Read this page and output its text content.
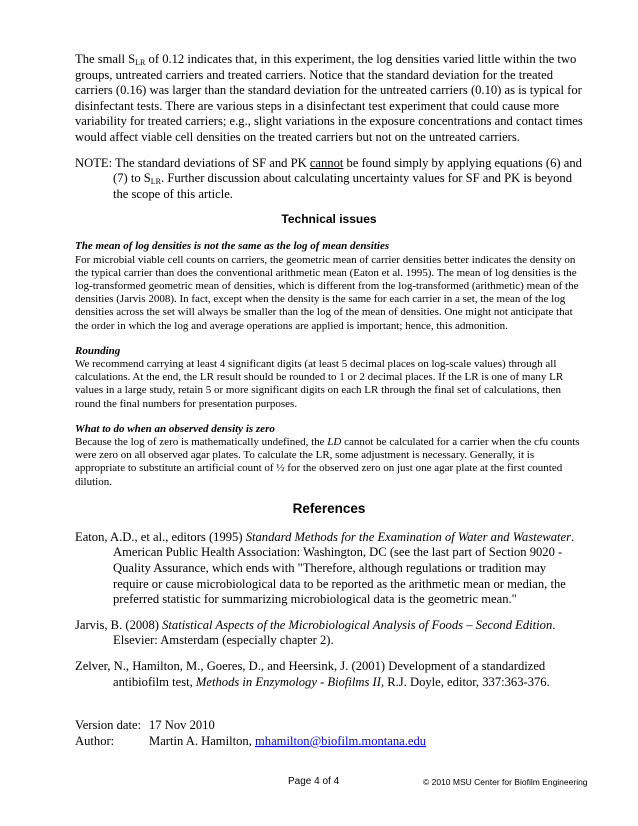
The small $S_{LR}$ of 0.12 indicates that, in this experiment, the log densities varied little within the two groups, untreated carriers and treated carriers. Notice that the standard deviation for the treated carriers (0.16) was larger than the standard deviation for the untreated carriers (0.10) as is typical for disinfectant tests. There are various steps in a disinfectant test experiment that could cause more variability for treated carriers; e.g., slight variations in the exposure concentrations and contact times would affect viable cell densities on the treated carriers but not on the untreated carriers.

NOTE: The standard deviations of SF and PK cannot be found simply by applying equations (6) and (7) to $S_{LR}$. Further discussion about calculating uncertainty values for SF and PK is beyond the scope of this article.

Technical issues

The mean of log densities is not the same as the log of mean densities

For microbial viable cell counts on carriers, the geometric mean of carrier densities better indicates the density on the typical carrier than does the conventional arithmetic mean (Eaton et al. 1995). The mean of log densities is the log-transformed geometric mean of densities, which is different from the log-transformed (arithmetic) mean of the densities (Jarvis 2008). In fact, except when the density is the same for each carrier in a set, the mean of the log densities across the set will always be smaller than the log of the mean of densities. One might not anticipate that the order in which the log and average operations are applied is important; hence, this admonition.

Rounding

We recommend carrying at least 4 significant digits (at least 5 decimal places on log-scale values) through all calculations. At the end, the LR result should be rounded to 1 or 2 decimal places. If the LR is one of many LR values in a large study, retain 5 or more significant digits on each LR through the final set of calculations, then round the final numbers for presentation purposes.

What to do when an observed density is zero

Because the log of zero is mathematically undefined, the LD cannot be calculated for a carrier when the cfu counts were zero on all observed agar plates. To calculate the LR, some adjustment is necessary. Generally, it is appropriate to substitute an artificial count of ½ for the observed zero on just one agar plate at the first counted dilution.

References

Eaton, A.D., et al., editors (1995) Standard Methods for the Examination of Water and Wastewater. American Public Health Association: Washington, DC (see the last part of Section 9020 - Quality Assurance, which ends with "Therefore, although regulations or tradition may require or cause microbiological data to be reported as the arithmetic mean or median, the preferred statistic for summarizing microbiological data is the geometric mean."

Jarvis, B. (2008) Statistical Aspects of the Microbiological Analysis of Foods – Second Edition. Elsevier: Amsterdam (especially chapter 2).

Zelver, N., Hamilton, M., Goeres, D., and Heersink, J. (2001) Development of a standardized antibiofilm test, Methods in Enzymology - Biofilms II, R.J. Doyle, editor, 337:363-376.

Version date: 17 Nov 2010

Author:	Martin A. Hamilton, mhamilton@biofilm.montana.edu

Page 4 of 4	© 2010 MSU Center for Biofilm Engineering
